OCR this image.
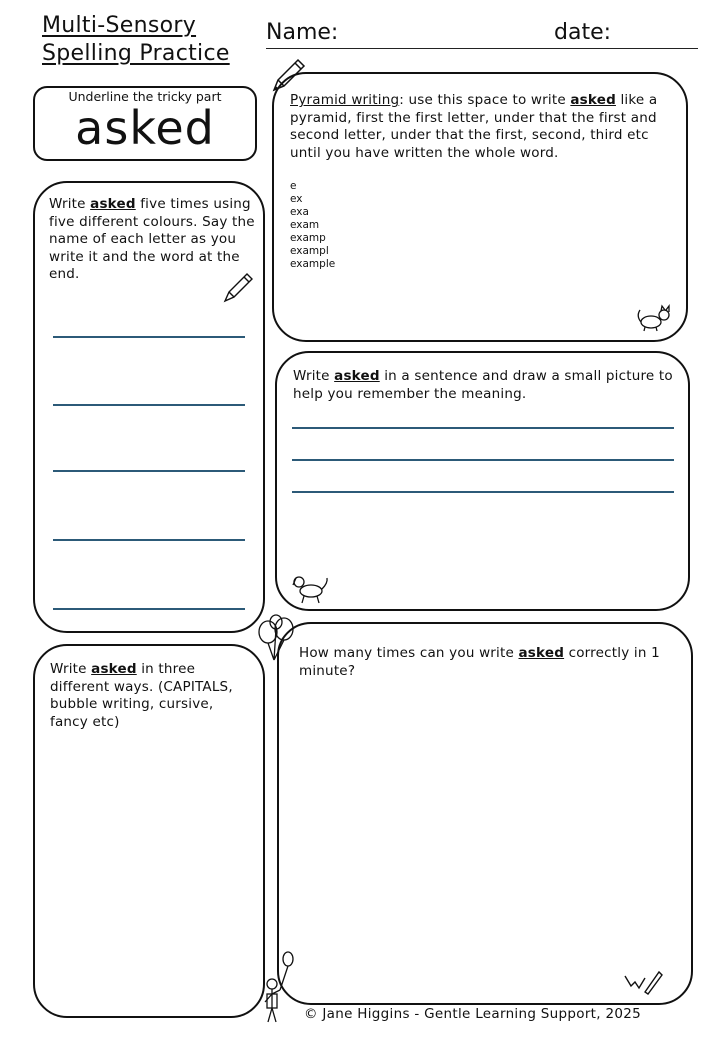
Multi-Sensory
Spelling Practice
Name:	date:
Underline the tricky part
asked
Pyramid writing: use this space to write asked like a pyramid, first the first letter, under that the first and second letter, under that the first, second, third etc until you have written the whole word.
e
ex
exa
exam
examp
exampl
example
Write asked five times using five different colours. Say the name of each letter as you write it and the word at the end.
Write asked in a sentence and draw a small picture to help you remember the meaning.
Write asked in three different ways. (CAPITALS, bubble writing, cursive, fancy etc)
How many times can you write asked correctly in 1 minute?
© Jane Higgins - Gentle Learning Support, 2025
